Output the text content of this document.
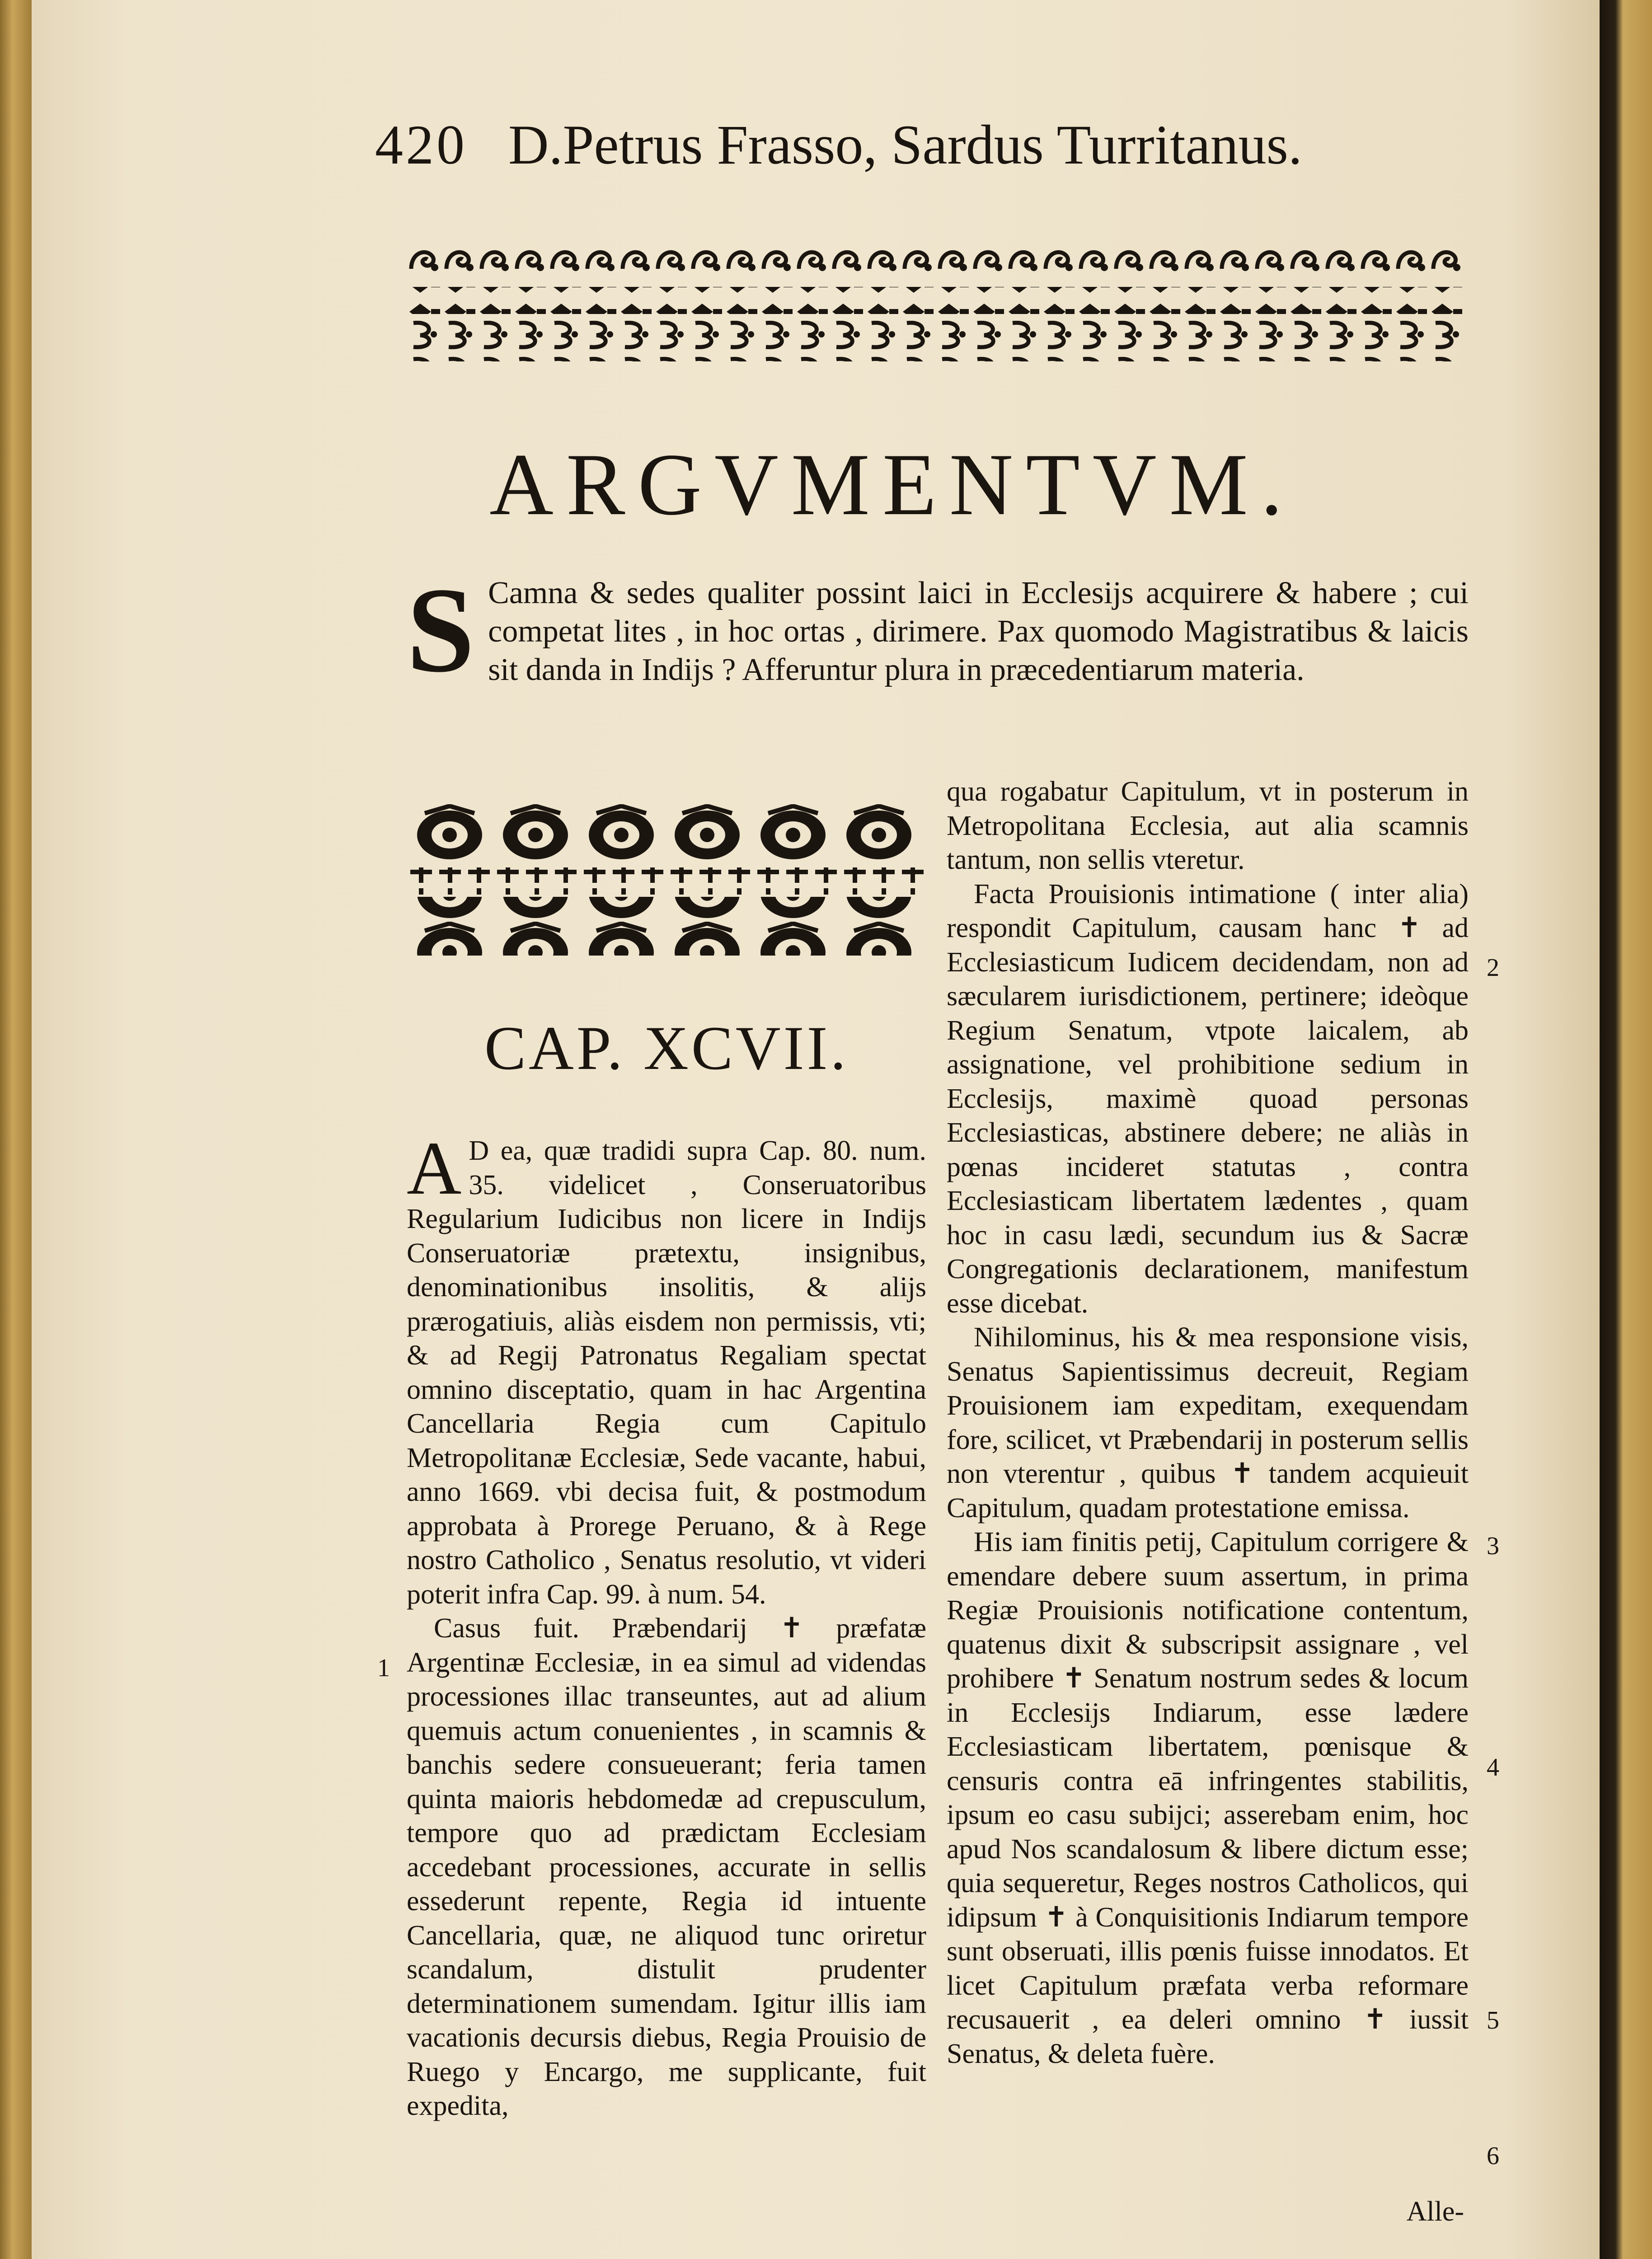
420 D.Petrus Frasso, Sardus Turritanus.
ARGVMENTVM.
S Camna & sedes qualiter possint laici in Ecclesijs acquirere & habere ; cui competat lites , in hoc ortas , dirimere. Pax quomodo Magistratibus & laicis sit danda in Indijs ? Afferuntur plura in præcedentiarum materia.
CAP. XCVII.

A D ea, quæ tradidi supra Cap. 80. num. 35. videlicet , Conseruatoribus Regularium Iudicibus non licere in Indijs Conseruatoriæ prætextu, insignibus, denominationibus insolitis, & alijs prærogatiuis, aliàs eisdem non permissis, vti; & ad Regij Patronatus Regaliam spectat omnino disceptatio, quam in hac Argentina Cancellaria Regia cum Capitulo Metropolitanæ Ecclesiæ, Sede vacante, habui, anno 1669. vbi decisa fuit, & postmodum approbata à Prorege Peruano, & à Rege nostro Catholico , Senatus resolutio, vt videri poterit infra Cap. 99. à num. 54.

Casus fuit. Præbendarij ✝ præfatæ Argentinæ Ecclesiæ, in ea simul ad videndas processiones illac transeuntes, aut ad alium quemuis actum conuenientes , in scamnis & banchis sedere consueuerant; feria tamen quinta maioris hebdomedæ ad crepusculum, tempore quo ad prædictam Ecclesiam accedebant processiones, accurate in sellis essederunt repente, Regia id intuente Cancellaria, quæ, ne aliquod tunc oriretur scandalum, distulit prudenter determinationem sumendam. Igitur illis iam vacationis decursis diebus, Regia Prouisio de Ruego y Encargo, me supplicante, fuit expedita,

qua rogabatur Capitulum, vt in posterum in Metropolitana Ecclesia, aut alia scamnis tantum, non sellis vteretur.

Facta Prouisionis intimatione ( inter alia) respondit Capitulum, causam hanc ✝ ad Ecclesiasticum Iudicem decidendam, non ad sæcularem iurisdictionem, pertinere; ideòque Regium Senatum, vtpote laicalem, ab assignatione, vel prohibitione sedium in Ecclesijs, maximè quoad personas Ecclesiasticas, abstinere debere; ne aliàs in pœnas incideret statutas , contra Ecclesiasticam libertatem lædentes , quam hoc in casu lædi, secundum ius & Sacræ Congregationis declarationem, manifestum esse dicebat.

Nihilominus, his & mea responsione visis, Senatus Sapientissimus decreuit, Regiam Prouisionem iam expeditam, exequendam fore, scilicet, vt Præbendarij in posterum sellis non vterentur , quibus ✝ tandem acquieuit Capitulum, quadam protestatione emissa.

His iam finitis petij, Capitulum corrigere & emendare debere suum assertum, in prima Regiæ Prouisionis notificatione contentum, quatenus dixit & subscripsit assignare , vel prohibere ✝ Senatum nostrum sedes & locum in Ecclesijs Indiarum, esse lædere Ecclesiasticam libertatem, pœnisque & censuris contra eā infringentes stabilitis, ipsum eo casu subijci; asserebam enim, hoc apud Nos scandalosum & libere dictum esse; quia sequeretur, Reges nostros Catholicos, qui idipsum ✝ à Conquisitionis Indiarum tempore sunt obseruati, illis pœnis fuisse innodatos. Et licet Capitulum præfata verba reformare recusauerit , ea deleri omnino ✝ iussit Senatus, & deleta fuère.

1
2
3
4
5
6
Alle-
